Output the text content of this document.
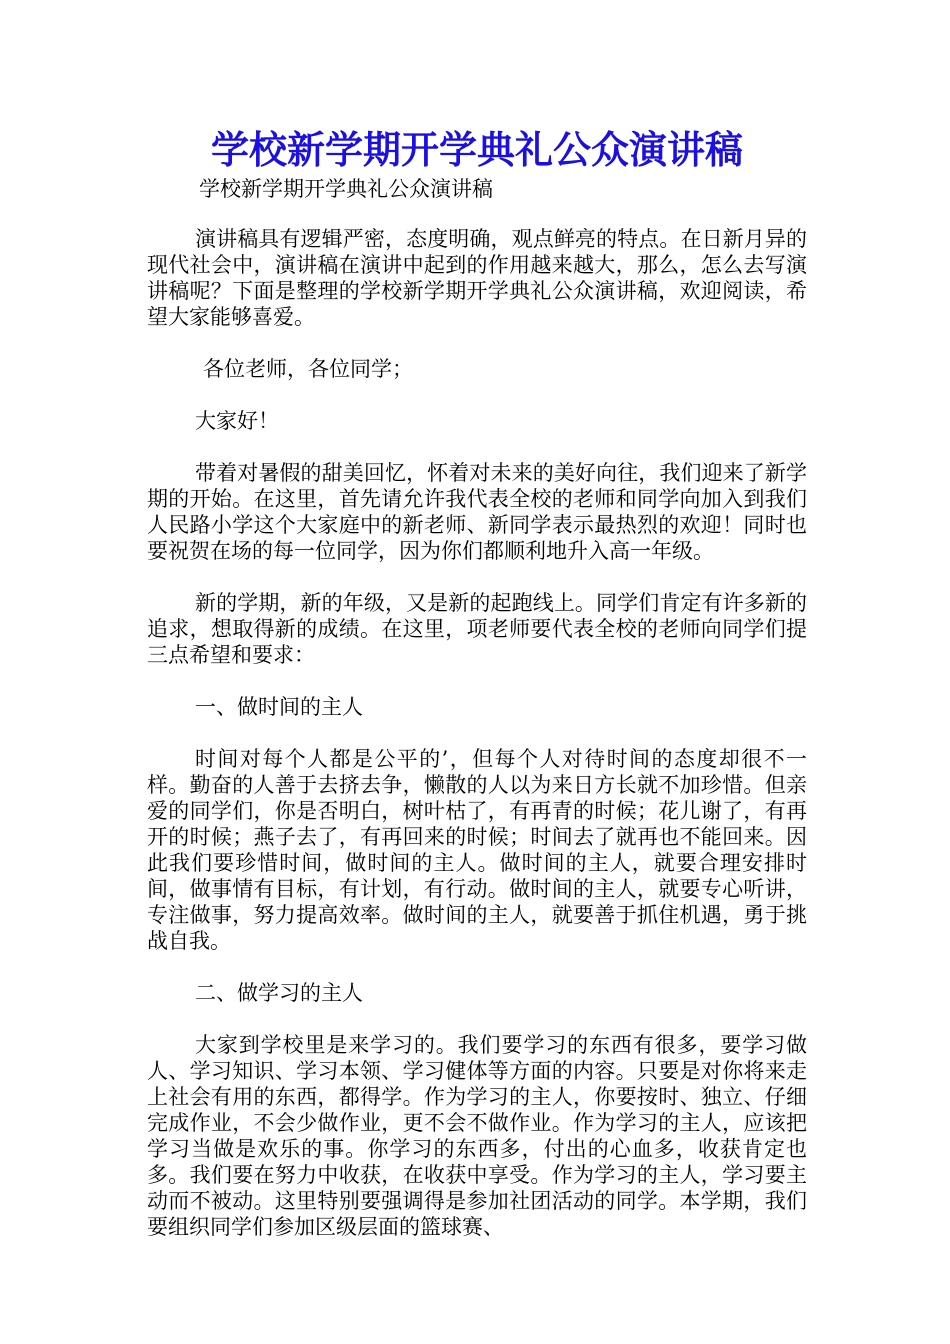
学校新学期开学典礼公众演讲稿

学校新学期开学典礼公众演讲稿

演讲稿具有逻辑严密，态度明确，观点鲜亮的特点。在日新月异的现代社会中，演讲稿在演讲中起到的作用越来越大，那么，怎么去写演讲稿呢？下面是整理的学校新学期开学典礼公众演讲稿，欢迎阅读，希望大家能够喜爱。

各位老师，各位同学；

大家好！

带着对暑假的甜美回忆，怀着对未来的美好向往，我们迎来了新学期的开始。在这里，首先请允许我代表全校的老师和同学向加入到我们人民路小学这个大家庭中的新老师、新同学表示最热烈的欢迎！同时也要祝贺在场的每一位同学，因为你们都顺利地升入高一年级。

新的学期，新的年级，又是新的起跑线上。同学们肯定有许多新的追求，想取得新的成绩。在这里，项老师要代表全校的老师向同学们提三点希望和要求：

一、做时间的主人

时间对每个人都是公平的’，但每个人对待时间的态度却很不一样。勤奋的人善于去挤去争，懒散的人以为来日方长就不加珍惜。但亲爱的同学们，你是否明白，树叶枯了，有再青的时候；花儿谢了，有再开的时候；燕子去了，有再回来的时候；时间去了就再也不能回来。因此我们要珍惜时间，做时间的主人。做时间的主人，就要合理安排时间，做事情有目标，有计划，有行动。做时间的主人，就要专心听讲，专注做事，努力提高效率。做时间的主人，就要善于抓住机遇，勇于挑战自我。

二、做学习的主人

大家到学校里是来学习的。我们要学习的东西有很多，要学习做人、学习知识、学习本领、学习健体等方面的内容。只要是对你将来走上社会有用的东西，都得学。作为学习的主人，你要按时、独立、仔细完成作业，不会少做作业，更不会不做作业。作为学习的主人，应该把学习当做是欢乐的事。你学习的东西多，付出的心血多，收获肯定也多。我们要在努力中收获，在收获中享受。作为学习的主人，学习要主动而不被动。这里特别要强调得是参加社团活动的同学。本学期，我们要组织同学们参加区级层面的篮球赛、
